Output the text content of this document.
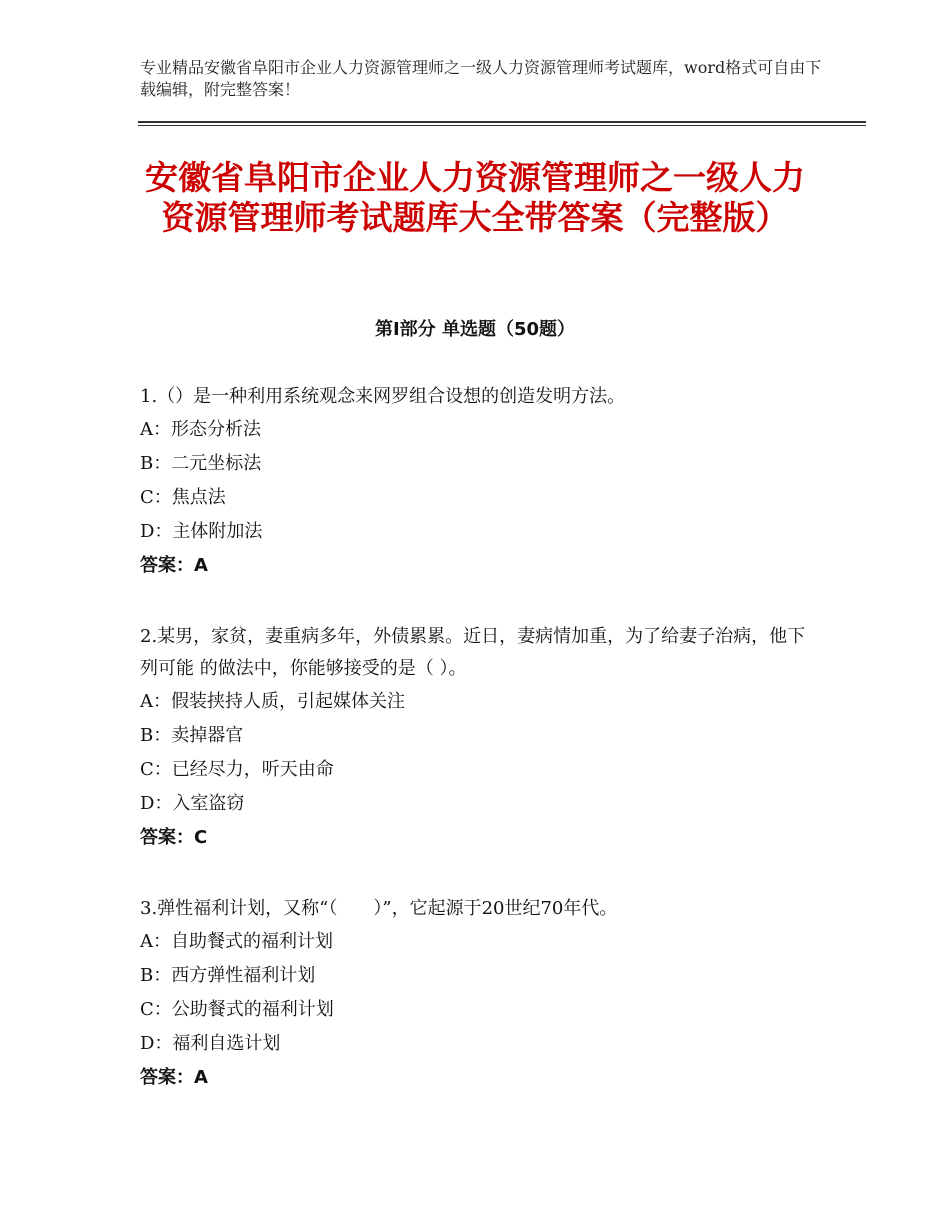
专业精品安徽省阜阳市企业人力资源管理师之一级人力资源管理师考试题库，word格式可自由下载编辑，附完整答案！
安徽省阜阳市企业人力资源管理师之一级人力资源管理师考试题库大全带答案（完整版）
第Ⅰ部分 单选题（50题）

1.（）是一种利用系统观念来网罗组合设想的创造发明方法。

A：形态分析法

B：二元坐标法

C：焦点法

D：主体附加法

答案：A

2.某男，家贫，妻重病多年，外债累累。近日，妻病情加重，为了给妻子治病，他下列可能 的做法中，你能够接受的是（ ）。

A：假装挟持人质，引起媒体关注

B：卖掉器官

C：已经尽力，听天由命

D：入室盗窃

答案：C

3.弹性福利计划，又称“（　　）”，它起源于20世纪70年代。

A：自助餐式的福利计划

B：西方弹性福利计划

C：公助餐式的福利计划

D：福利自选计划

答案：A
